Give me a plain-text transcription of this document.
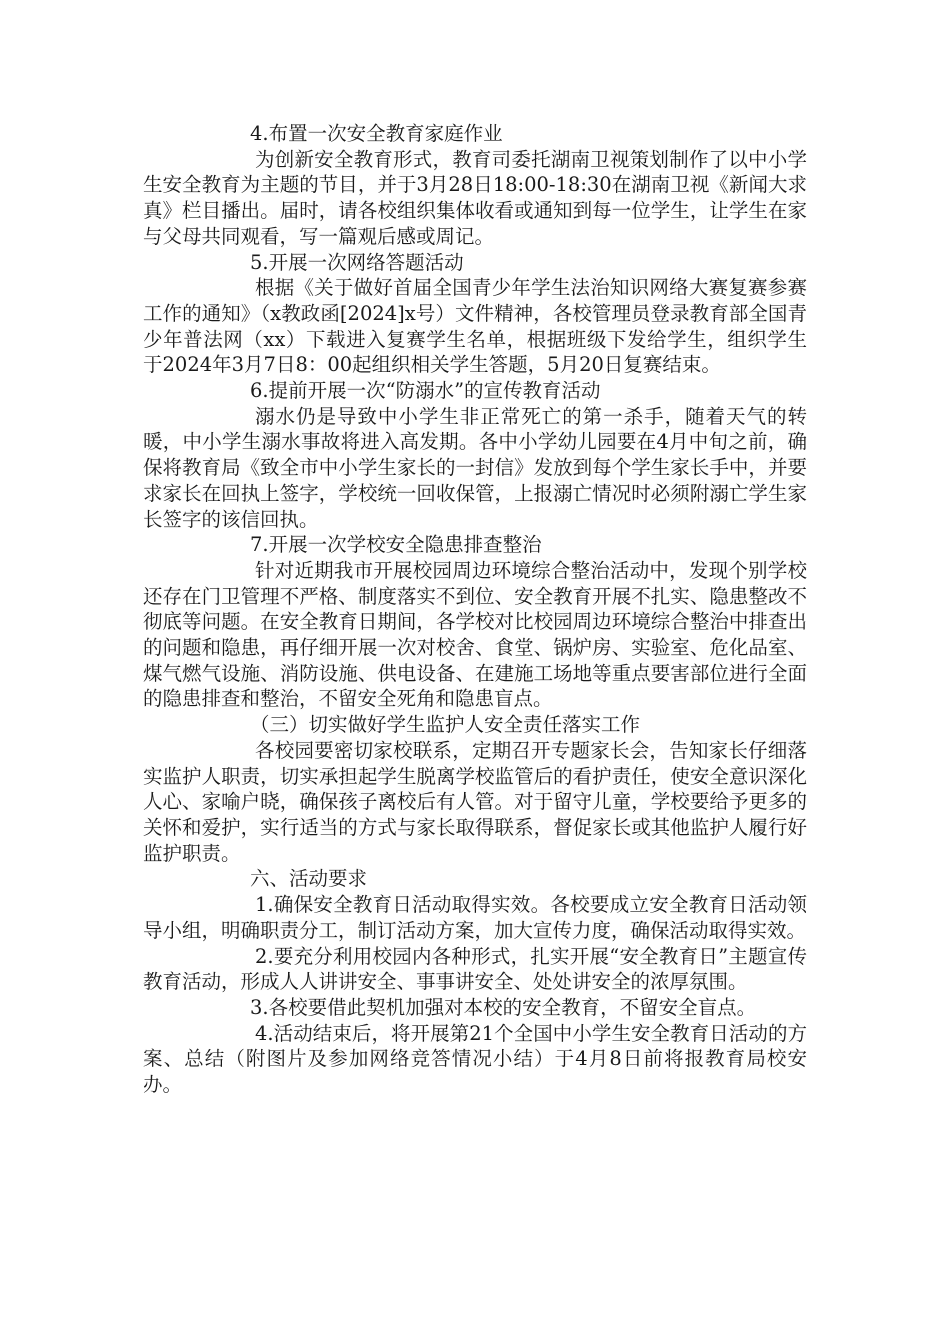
4.布置一次安全教育家庭作业

为创新安全教育形式，教育司委托湖南卫视策划制作了以中小学生安全教育为主题的节目，并于3月28日18:00-18:30在湖南卫视《新闻大求真》栏目播出。届时，请各校组织集体收看或通知到每一位学生，让学生在家与父母共同观看，写一篇观后感或周记。

5.开展一次网络答题活动

根据《关于做好首届全国青少年学生法治知识网络大赛复赛参赛工作的通知》（x教政函[2024]x号）文件精神，各校管理员登录教育部全国青少年普法网（xx）下载进入复赛学生名单，根据班级下发给学生，组织学生于2024年3月7日8：00起组织相关学生答题，5月20日复赛结束。

6.提前开展一次“防溺水”的宣传教育活动

溺水仍是导致中小学生非正常死亡的第一杀手，随着天气的转暖，中小学生溺水事故将进入高发期。各中小学幼儿园要在4月中旬之前，确保将教育局《致全市中小学生家长的一封信》发放到每个学生家长手中，并要求家长在回执上签字，学校统一回收保管，上报溺亡情况时必须附溺亡学生家长签字的该信回执。

7.开展一次学校安全隐患排查整治

针对近期我市开展校园周边环境综合整治活动中，发现个别学校还存在门卫管理不严格、制度落实不到位、安全教育开展不扎实、隐患整改不彻底等问题。在安全教育日期间，各学校对比校园周边环境综合整治中排查出的问题和隐患，再仔细开展一次对校舍、食堂、锅炉房、实验室、危化品室、煤气燃气设施、消防设施、供电设备、在建施工场地等重点要害部位进行全面的隐患排查和整治，不留安全死角和隐患盲点。

（三）切实做好学生监护人安全责任落实工作

各校园要密切家校联系，定期召开专题家长会，告知家长仔细落实监护人职责，切实承担起学生脱离学校监管后的看护责任，使安全意识深化人心、家喻户晓，确保孩子离校后有人管。对于留守儿童，学校要给予更多的关怀和爱护，实行适当的方式与家长取得联系，督促家长或其他监护人履行好监护职责。

六、活动要求

1.确保安全教育日活动取得实效。各校要成立安全教育日活动领导小组，明确职责分工，制订活动方案，加大宣传力度，确保活动取得实效。

2.要充分利用校园内各种形式，扎实开展“安全教育日”主题宣传教育活动，形成人人讲讲安全、事事讲安全、处处讲安全的浓厚氛围。

3.各校要借此契机加强对本校的安全教育，不留安全盲点。

4.活动结束后，将开展第21个全国中小学生安全教育日活动的方案、总结（附图片及参加网络竞答情况小结）于4月8日前将报教育局校安办。
